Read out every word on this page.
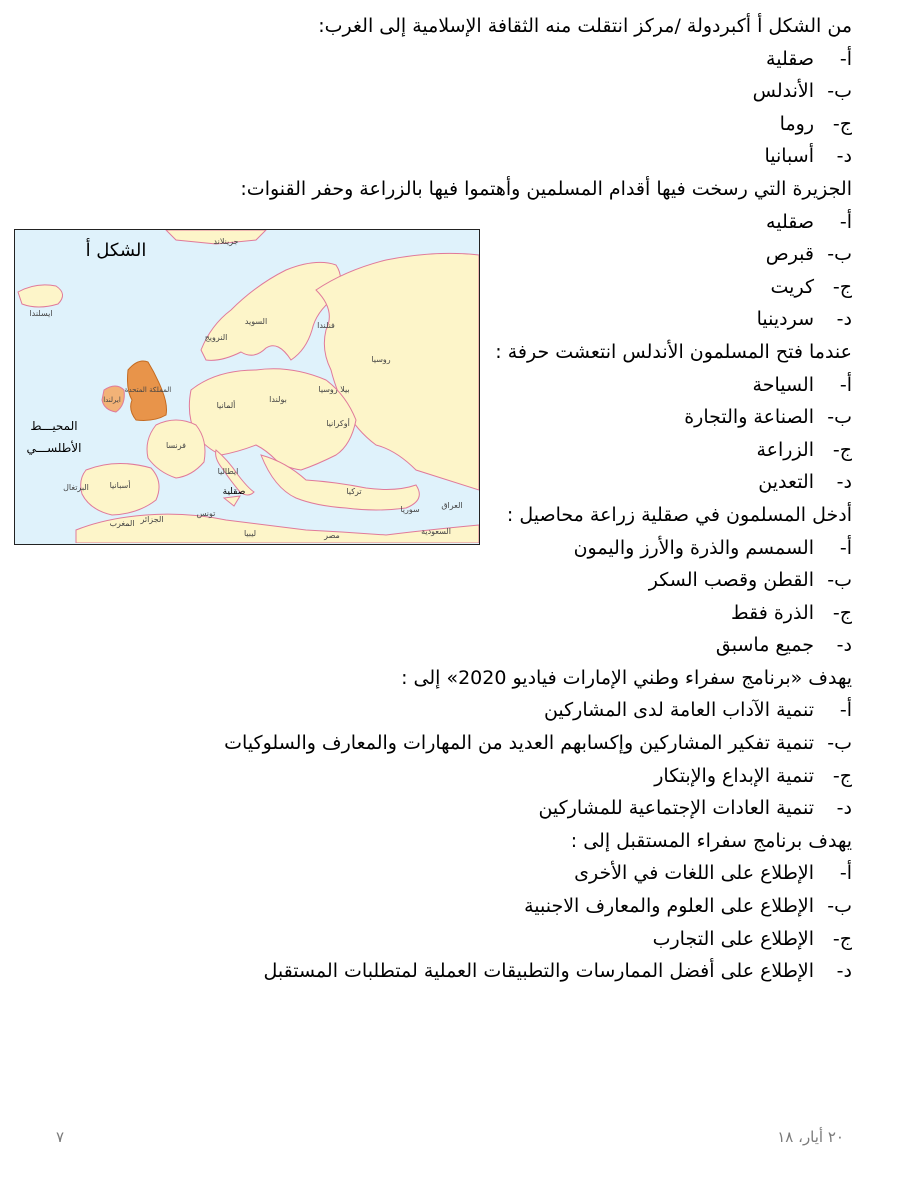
من الشكل أ أكبردولة /مركز انتقلت منه الثقافة الإسلامية إلى الغرب:
أ-صقلية
ب-الأندلس
ج-روما
د-أسبانيا
الجزيرة التي رسخت فيها أقدام المسلمين وأهتموا فيها بالزراعة وحفر القنوات:
أ-صقليه
ب-قبرص
ج-كريت
د-سردينيا
عندما فتح المسلمون الأندلس انتعشت حرفة :
أ-السياحة
ب-الصناعة والتجارة
ج-الزراعة
د-التعدين
أدخل المسلمون في صقلية زراعة محاصيل :
أ-السمسم والذرة والأرز واليمون
ب-القطن وقصب السكر
ج-الذرة فقط
د-جميع ماسبق
يهدف «برنامج سفراء وطني الإمارات فياديو 2020» إلى :
أ-تنمية الآداب العامة لدى المشاركين
ب-تنمية تفكير المشاركين وإكسابهم العديد من المهارات والمعارف والسلوكيات
ج-تنمية الإبداع والإبتكار
د-تنمية العادات الإجتماعية للمشاركين
يهدف برنامج سفراء المستقبل إلى :
أ-الإطلاع على اللغات في الأخرى
ب-الإطلاع على العلوم والمعارف الاجنبية
ج-الإطلاع على التجارب
د-الإطلاع على أفضل الممارسات والتطبيقات العملية لمتطلبات المستقبل
الشكل أ
المحيـــط
الأطلســـي
جرينلاند
ايسلندا
النرويج
السويد	فنلندا
روسيا
المملكة المتحدة
ايرلندا
ألمانيا
بولندا
بيلا روسيا
أوكرانيا
فرنسا
أسبانيا
البرتغال
ايطاليا
صقلية	تركيا
سوريا	العراق
الجزائر
تونس
المغرب
ليبيا	مصر	السعودية
٢٠ أيار، ١٨
٧
